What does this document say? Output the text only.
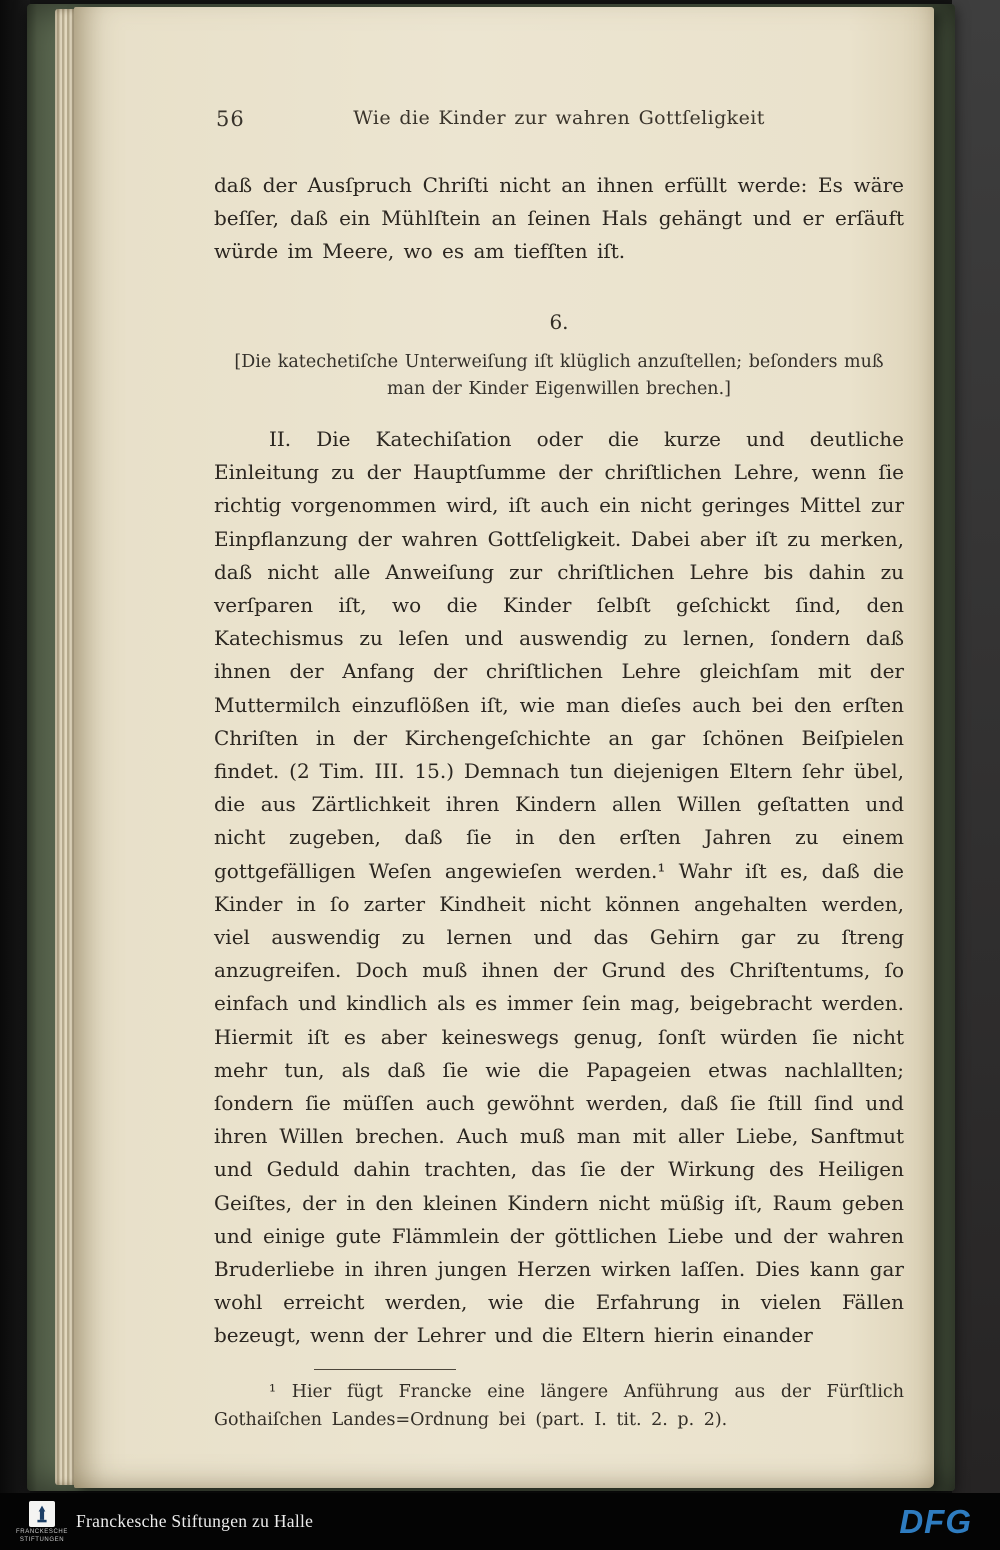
56	Wie die Kinder zur wahren Gottſeligkeit

daß der Ausſpruch Chriſti nicht an ihnen erfüllt werde: Es wäre beſſer, daß ein Mühlſtein an ſeinen Hals gehängt und er erſäuft würde im Meere, wo es am tiefſten iſt.

6.
[Die katechetiſche Unterweiſung iſt klüglich anzuſtellen; beſonders muß man der Kinder Eigenwillen brechen.]

II. Die Katechiſation oder die kurze und deutliche Einleitung zu der Hauptſumme der chriſtlichen Lehre, wenn ſie richtig vorgenommen wird, iſt auch ein nicht geringes Mittel zur Einpflanzung der wahren Gottſeligkeit. Dabei aber iſt zu merken, daß nicht alle Anweiſung zur chriſtlichen Lehre bis dahin zu verſparen iſt, wo die Kinder ſelbſt geſchickt ſind, den Katechismus zu leſen und auswendig zu lernen, ſondern daß ihnen der Anfang der chriſtlichen Lehre gleichſam mit der Muttermilch einzuflößen iſt, wie man dieſes auch bei den erſten Chriſten in der Kirchengeſchichte an gar ſchönen Beiſpielen findet. (2 Tim. III. 15.) Demnach tun diejenigen Eltern ſehr übel, die aus Zärtlichkeit ihren Kindern allen Willen geſtatten und nicht zugeben, daß ſie in den erſten Jahren zu einem gottgefälligen Weſen angewieſen werden.¹ Wahr iſt es, daß die Kinder in ſo zarter Kindheit nicht können angehalten werden, viel auswendig zu lernen und das Gehirn gar zu ſtreng anzugreifen. Doch muß ihnen der Grund des Chriſtentums, ſo einfach und kindlich als es immer ſein mag, beigebracht werden. Hiermit iſt es aber keineswegs genug, ſonſt würden ſie nicht mehr tun, als daß ſie wie die Papageien etwas nachlallten; ſondern ſie müſſen auch gewöhnt werden, daß ſie ſtill ſind und ihren Willen brechen. Auch muß man mit aller Liebe, Sanftmut und Geduld dahin trachten, das ſie der Wirkung des Heiligen Geiſtes, der in den kleinen Kindern nicht müßig iſt, Raum geben und einige gute Flämmlein der göttlichen Liebe und der wahren Bruderliebe in ihren jungen Herzen wirken laſſen. Dies kann gar wohl erreicht werden, wie die Erfahrung in vielen Fällen bezeugt, wenn der Lehrer und die Eltern hierin einander

¹ Hier fügt Francke eine längere Anführung aus der Fürſtlich Gothaiſchen Landes=Ordnung bei (part. I. tit. 2. p. 2).

FRANCKESCHE
STIFTUNGEN
Franckesche Stiftungen zu Halle	DFG
